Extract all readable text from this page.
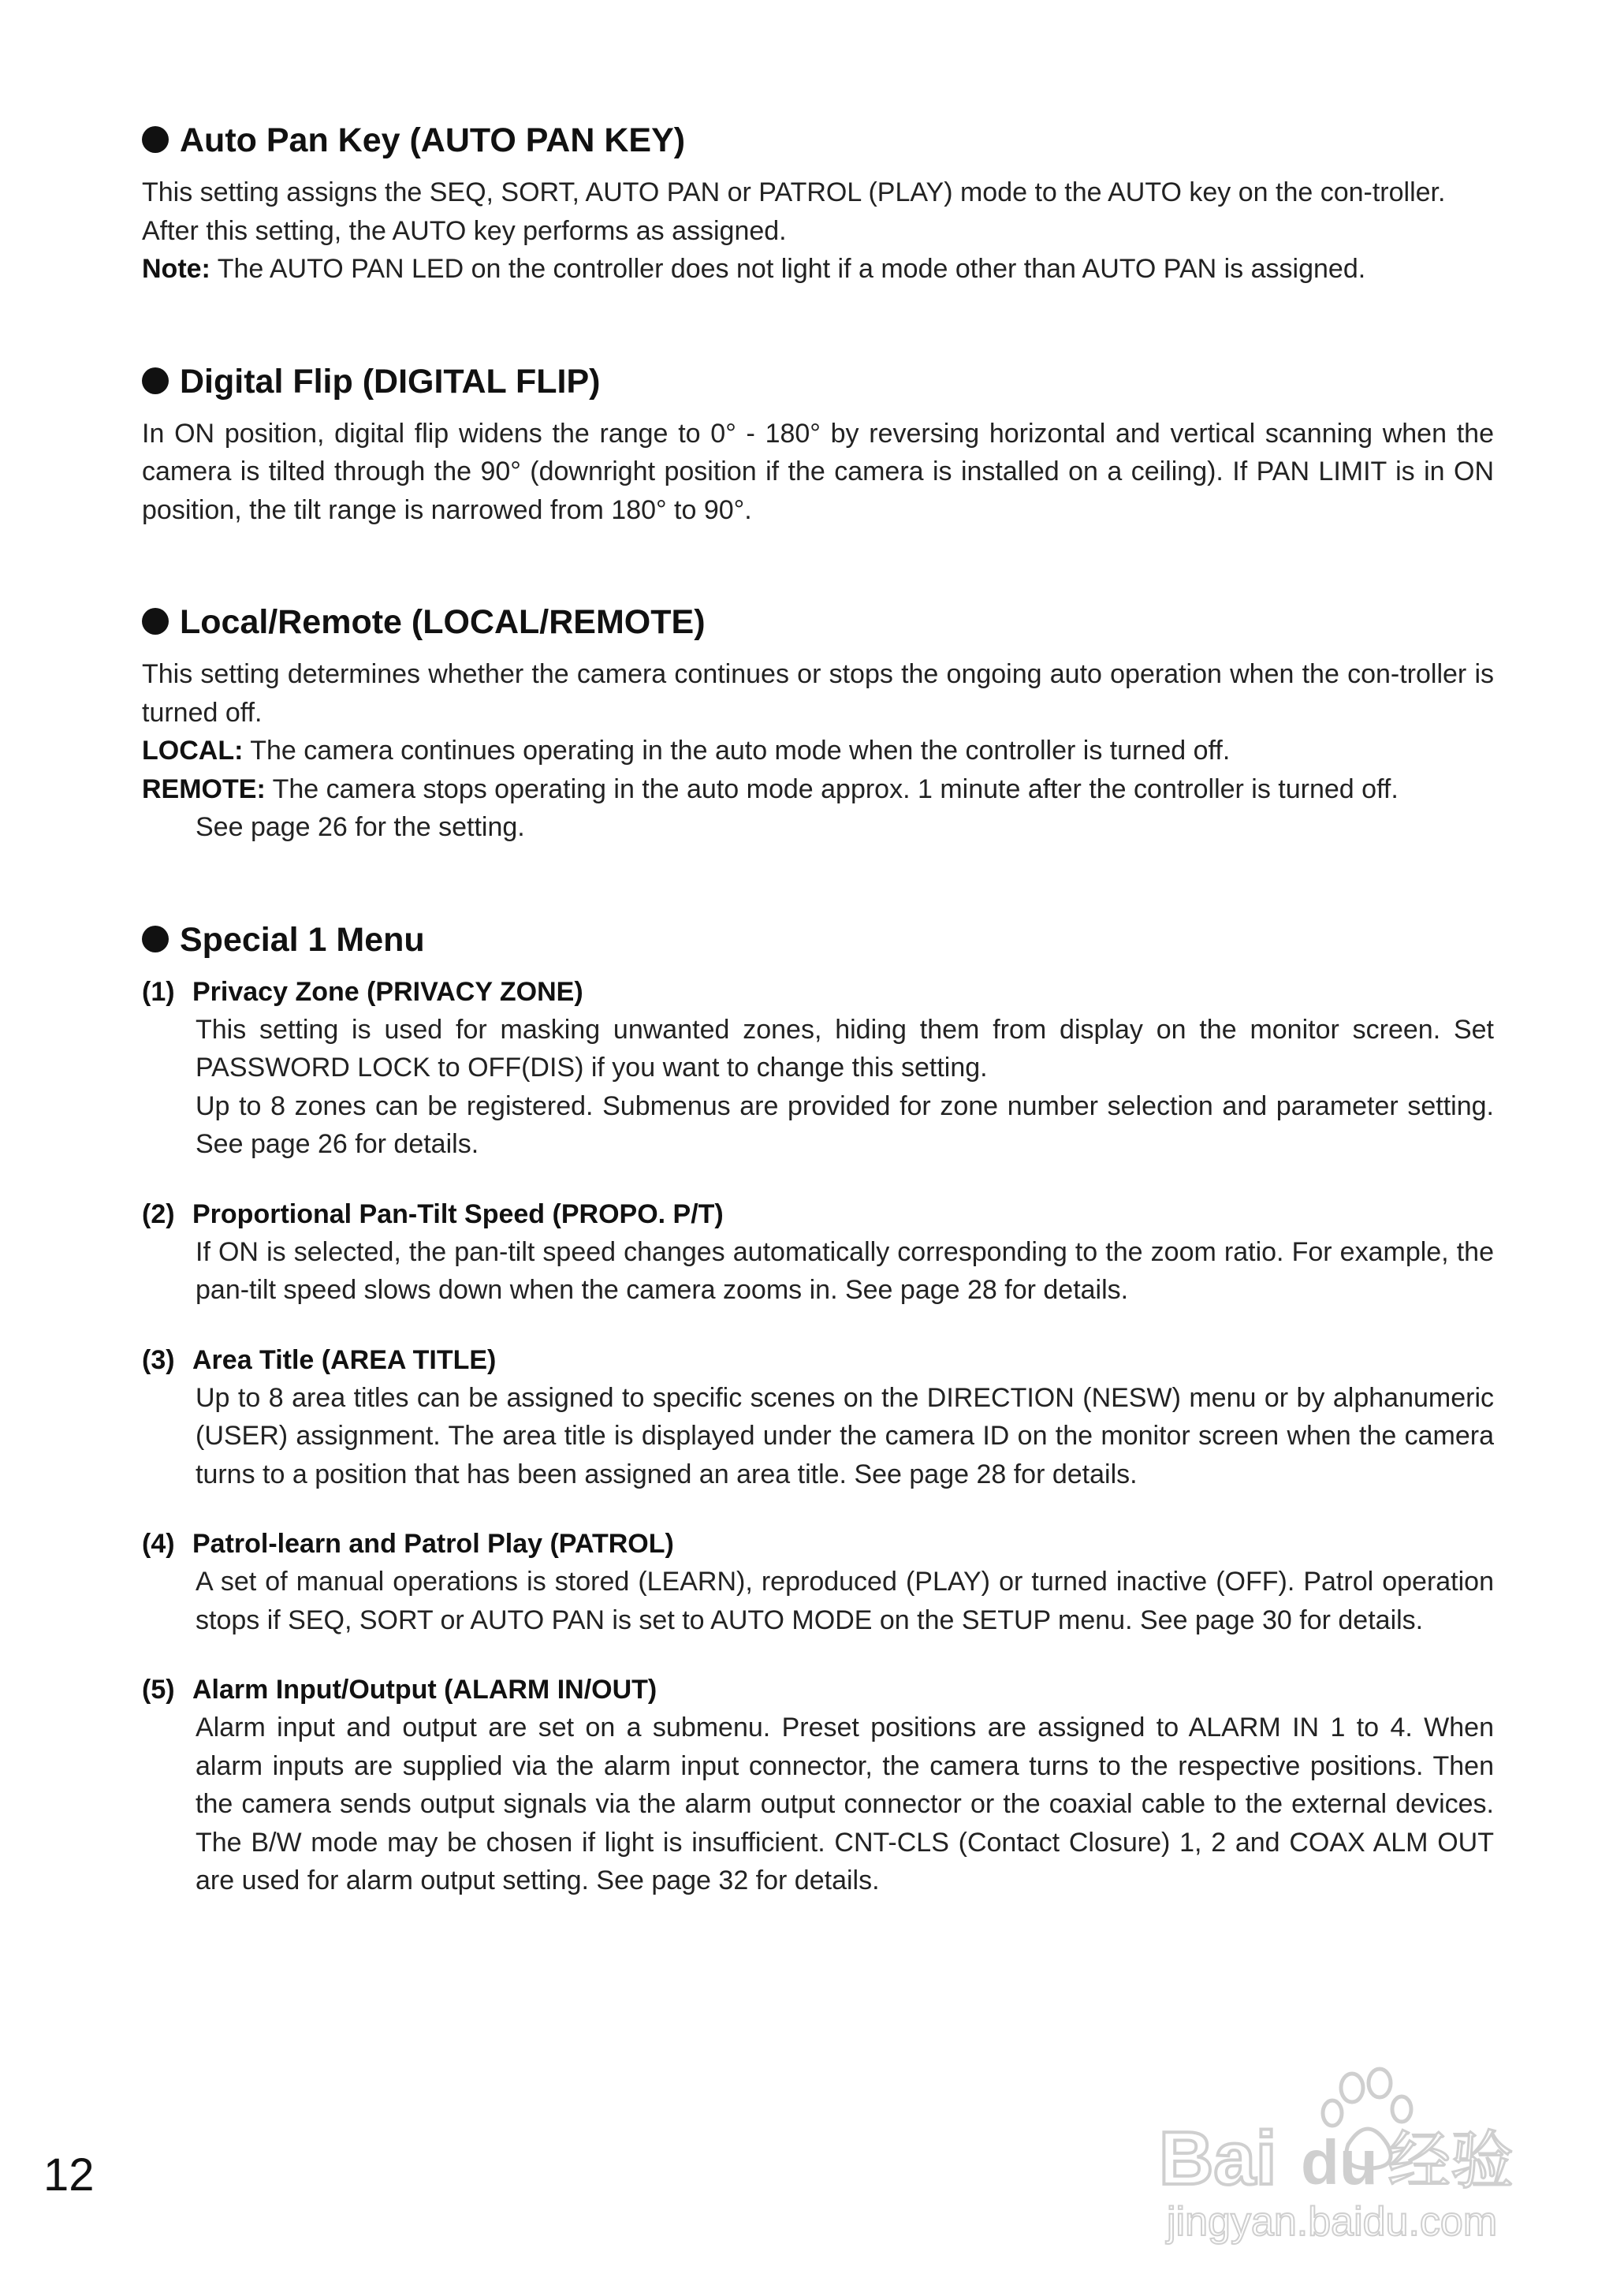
Auto Pan Key (AUTO PAN KEY)

This setting assigns the SEQ, SORT, AUTO PAN or PATROL (PLAY) mode to the AUTO key on the con-troller.

After this setting, the AUTO key performs as assigned.

Note: The AUTO PAN LED on the controller does not light if a mode other than AUTO PAN is assigned.

Digital Flip (DIGITAL FLIP)

In ON position, digital flip widens the range to 0° - 180° by reversing horizontal and vertical scanning when the camera is tilted through the 90° (downright position if the camera is installed on a ceiling). If PAN LIMIT is in ON position, the tilt range is narrowed from 180° to 90°.

Local/Remote (LOCAL/REMOTE)

This setting determines whether the camera continues or stops the ongoing auto operation when the con-troller is turned off.

LOCAL: The camera continues operating in the auto mode when the controller is turned off.

REMOTE: The camera stops operating in the auto mode approx. 1 minute after the controller is turned off.

See page 26 for the setting.

Special 1 Menu
(1) Privacy Zone (PRIVACY ZONE)

This setting is used for masking unwanted zones, hiding them from display on the monitor screen. Set PASSWORD LOCK to OFF(DIS) if you want to change this setting.

Up to 8 zones can be registered. Submenus are provided for zone number selection and parameter setting. See page 26 for details.

(2) Proportional Pan-Tilt Speed (PROPO. P/T)

If ON is selected, the pan-tilt speed changes automatically corresponding to the zoom ratio. For example, the pan-tilt speed slows down when the camera zooms in. See page 28 for details.

(3) Area Title (AREA TITLE)

Up to 8 area titles can be assigned to specific scenes on the DIRECTION (NESW) menu or by alphanumeric (USER) assignment. The area title is displayed under the camera ID on the monitor screen when the camera turns to a position that has been assigned an area title. See page 28 for details.

(4) Patrol-learn and Patrol Play (PATROL)

A set of manual operations is stored (LEARN), reproduced (PLAY) or turned inactive (OFF). Patrol operation stops if SEQ, SORT or AUTO PAN is set to AUTO MODE on the SETUP menu. See page 30 for details.

(5) Alarm Input/Output (ALARM IN/OUT)

Alarm input and output are set on a submenu. Preset positions are assigned to ALARM IN 1 to 4. When alarm inputs are supplied via the alarm input connector, the camera turns to the respective positions. Then the camera sends output signals via the alarm output connector or the coaxial cable to the external devices. The B/W mode may be chosen if light is insufficient. CNT-CLS (Contact Closure) 1, 2 and COAX ALM OUT are used for alarm output setting. See page 32 for details.

12	Bai du 经验
jingyan.baidu.com
